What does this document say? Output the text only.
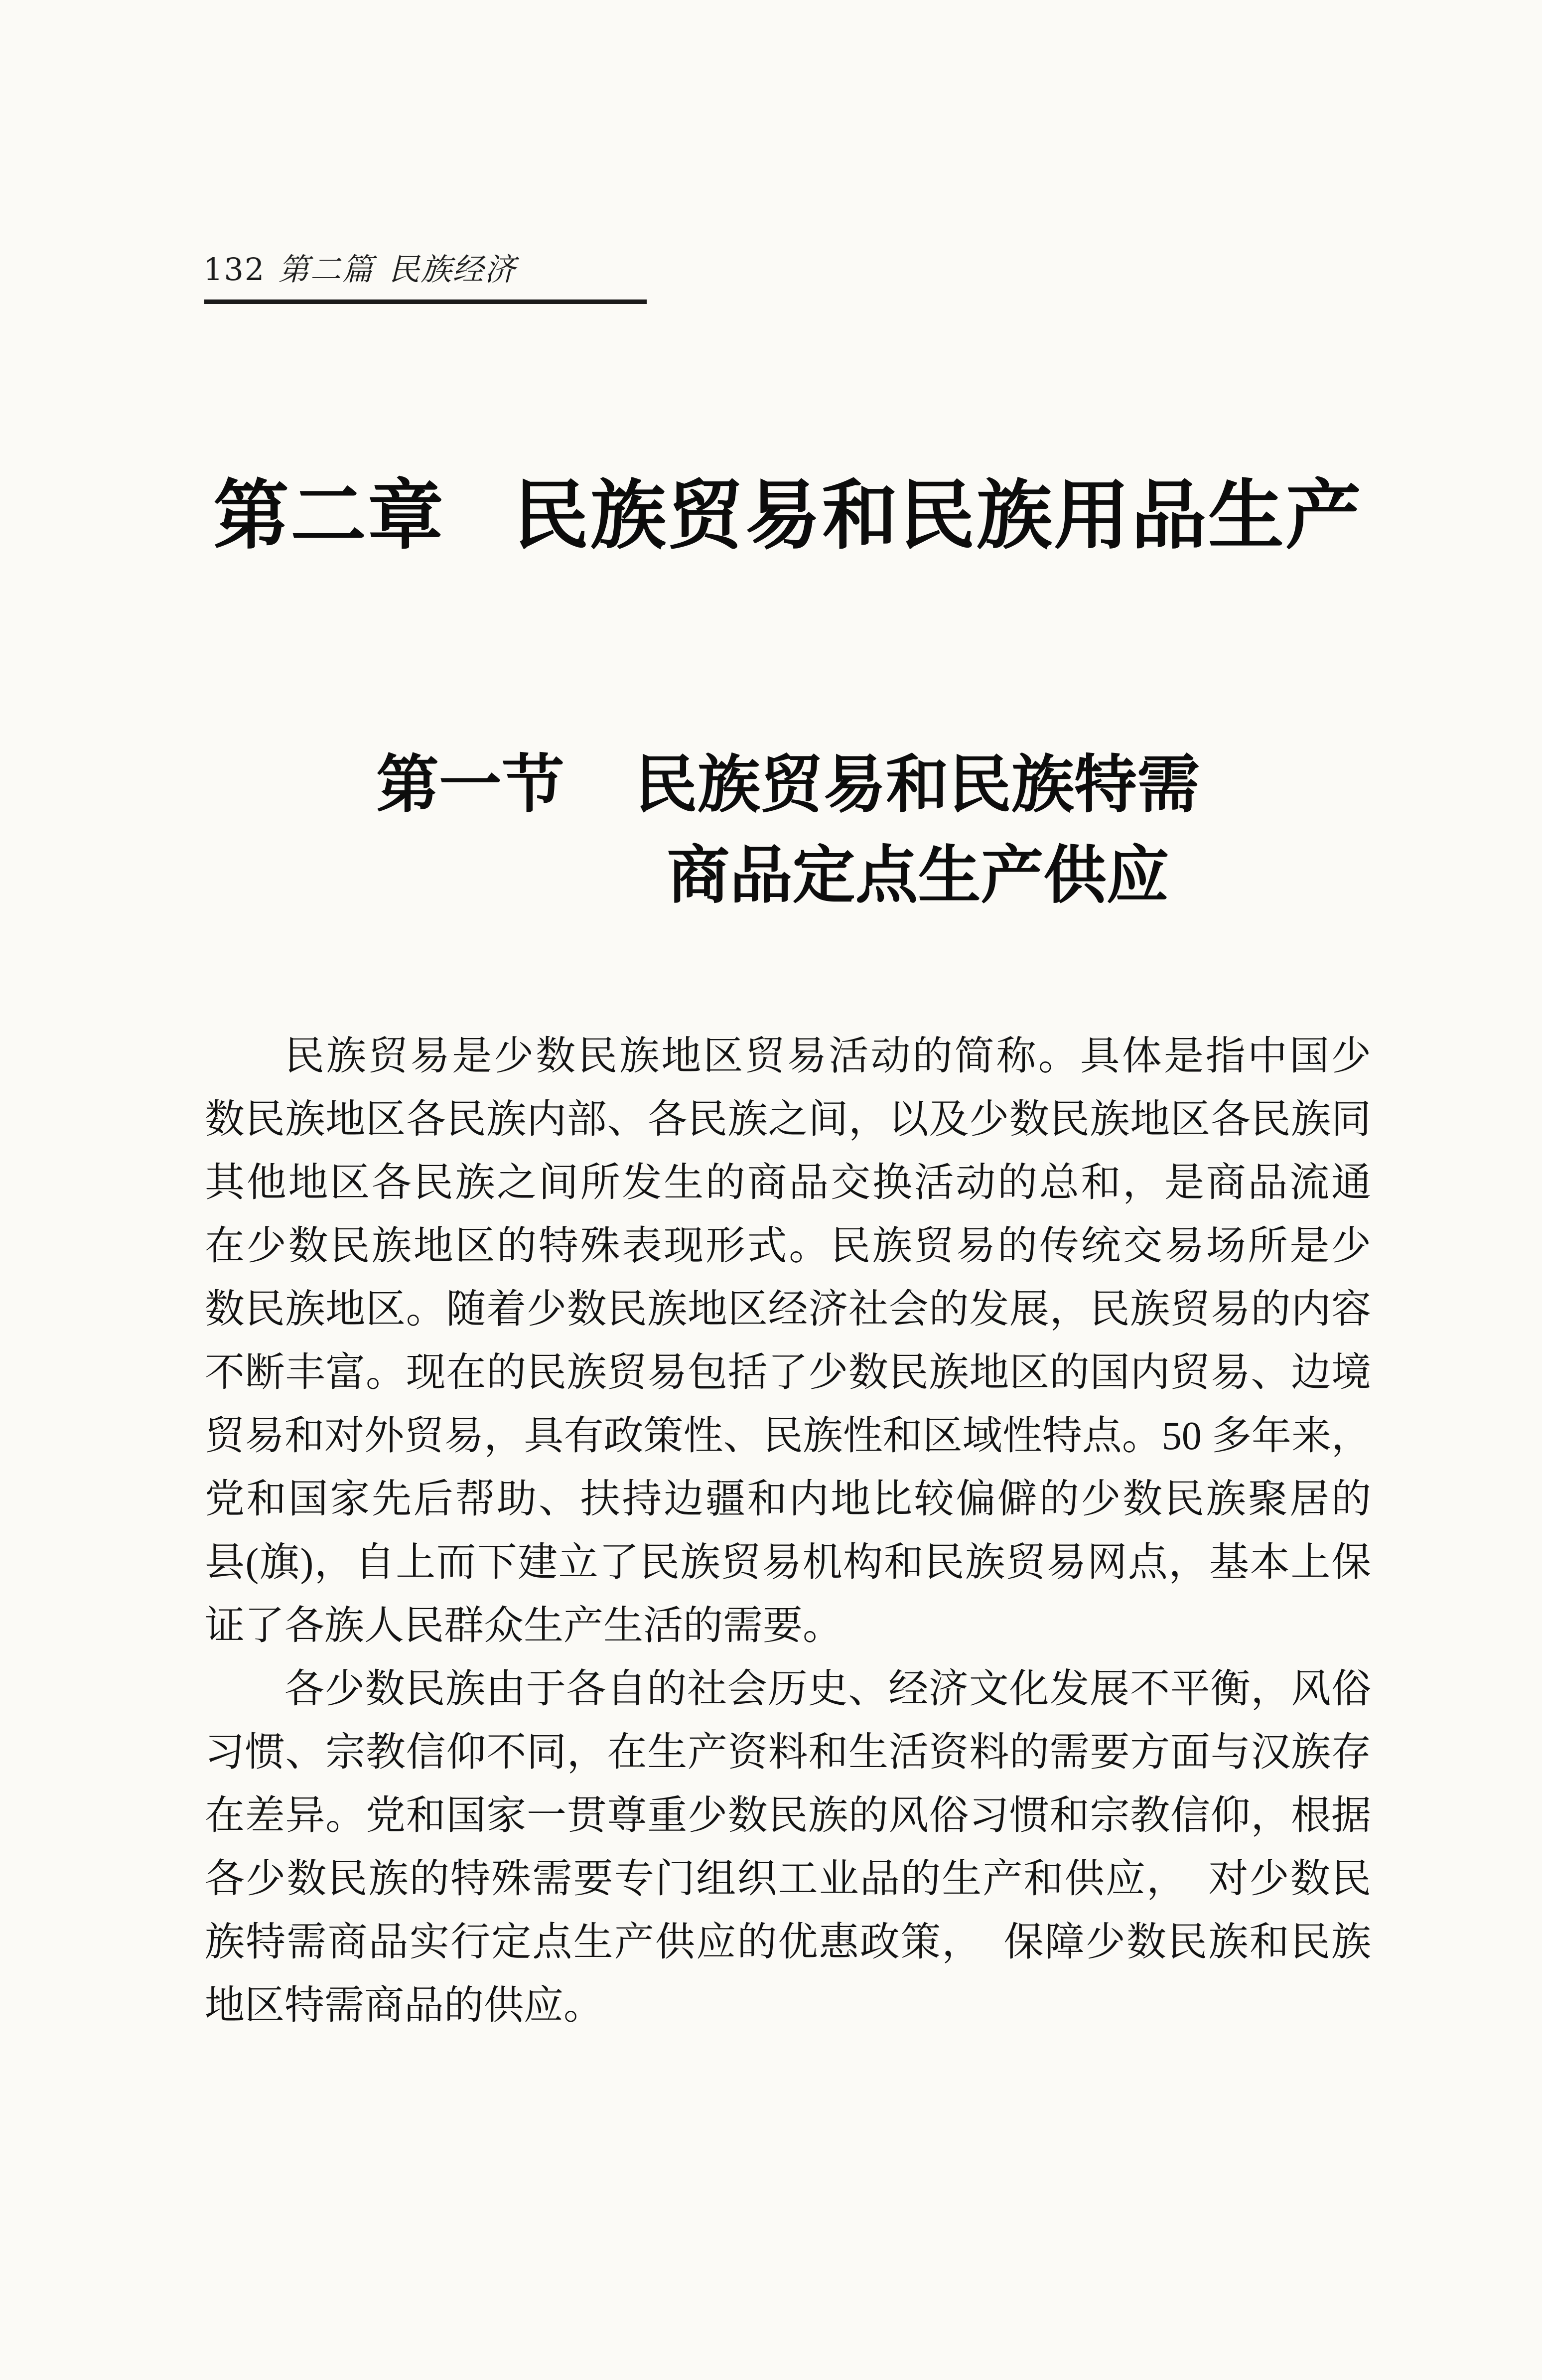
132 第二篇 民族经济
第二章 民族贸易和民族用品生产
第一节 民族贸易和民族特需
商品定点生产供应
民族贸易是少数民族地区贸易活动的简称。具体是指中国少
数民族地区各民族内部、各民族之间，以及少数民族地区各民族同
其他地区各民族之间所发生的商品交换活动的总和，是商品流通
在少数民族地区的特殊表现形式。民族贸易的传统交易场所是少
数民族地区。随着少数民族地区经济社会的发展，民族贸易的内容
不断丰富。现在的民族贸易包括了少数民族地区的国内贸易、边境
贸易和对外贸易，具有政策性、民族性和区域性特点。50 多年来，
党和国家先后帮助、扶持边疆和内地比较偏僻的少数民族聚居的
县(旗)，自上而下建立了民族贸易机构和民族贸易网点，基本上保
证了各族人民群众生产生活的需要。
各少数民族由于各自的社会历史、经济文化发展不平衡，风俗
习惯、宗教信仰不同，在生产资料和生活资料的需要方面与汉族存
在差异。党和国家一贯尊重少数民族的风俗习惯和宗教信仰，根据
各少数民族的特殊需要专门组织工业品的生产和供应，　对少数民
族特需商品实行定点生产供应的优惠政策，　保障少数民族和民族
地区特需商品的供应。
